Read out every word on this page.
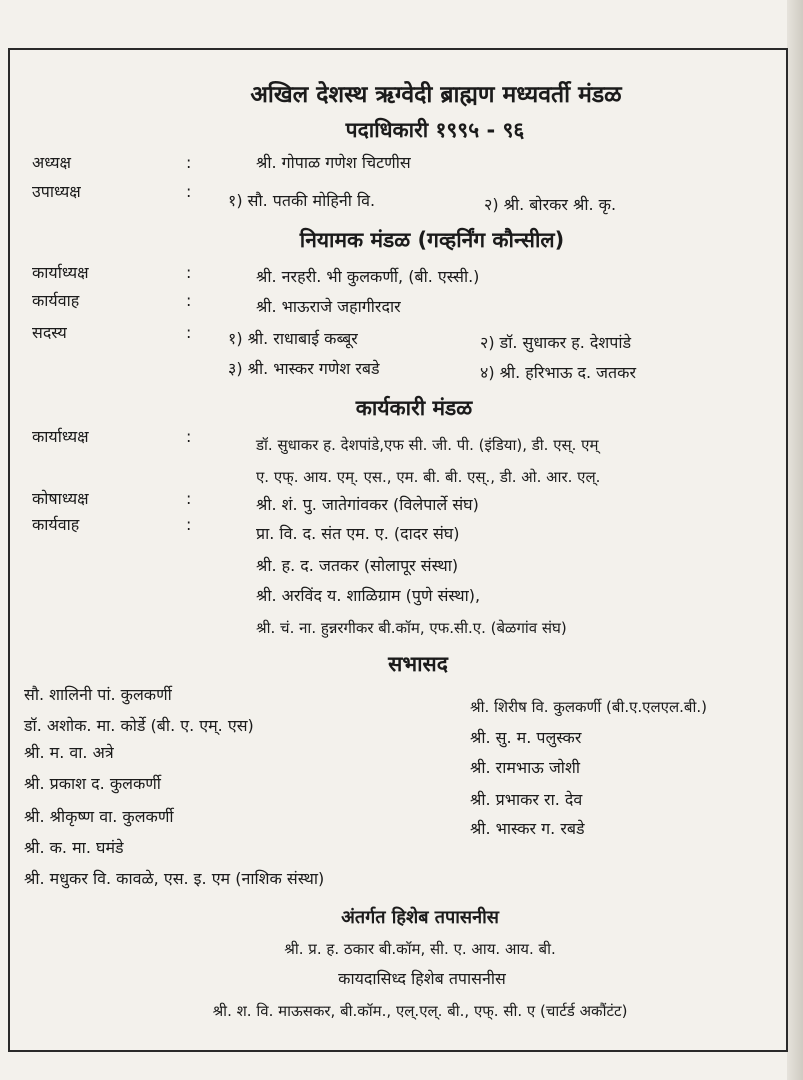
अखिल देशस्थ ऋग्वेदी ब्राह्मण मध्यवर्ती मंडळ
पदाधिकारी १९९५ - ९६
अध्यक्ष	:	श्री. गोपाळ गणेश चिटणीस
उपाध्यक्ष	: १) सौ. पतकी मोहिनी वि.	२) श्री. बोरकर श्री. कृ.
नियामक मंडळ (गव्हर्निंग कौन्सील)
कार्याध्यक्ष	:	श्री. नरहरी. भी कुलकर्णी, (बी. एस्सी.)
कार्यवाह	:	श्री. भाऊराजे जहागीरदार
सदस्य	: १) श्री. राधाबाई कब्बूर	२) डॉ. सुधाकर ह. देशपांडे
३) श्री. भास्कर गणेश रबडे	४) श्री. हरिभाऊ द. जतकर
कार्यकारी मंडळ
कार्याध्यक्ष	:	डॉ. सुधाकर ह. देशपांडे,एफ सी. जी. पी. (इंडिया), डी. एस्. एम्
ए. एफ्. आय. एम्. एस., एम. बी. बी. एस्., डी. ओ. आर. एल्.
कोषाध्यक्ष	:	श्री. शं. पु. जातेगांवकर (विलेपार्ले संघ)
कार्यवाह	:	प्रा. वि. द. संत एम. ए. (दादर संघ)
श्री. ह. द. जतकर (सोलापूर संस्था)
श्री. अरविंद य. शाळिग्राम (पुणे संस्था),
श्री. चं. ना. हुन्नरगीकर बी.कॉम, एफ.सी.ए. (बेळगांव संघ)
सभासद
सौ. शालिनी पां. कुलकर्णी
डॉ. अशोक. मा. कोर्डे (बी. ए. एम्. एस)
श्री. म. वा. अत्रे
श्री. प्रकाश द. कुलकर्णी
श्री. श्रीकृष्ण वा. कुलकर्णी
श्री. क. मा. घमंडे
श्री. मधुकर वि. कावळे, एस. इ. एम (नाशिक संस्था)
श्री. शिरीष वि. कुलकर्णी (बी.ए.एलएल.बी.)
श्री. सु. म. पलुस्कर
श्री. रामभाऊ जोशी
श्री. प्रभाकर रा. देव
श्री. भास्कर ग. रबडे
अंतर्गत हिशेब तपासनीस
श्री. प्र. ह. ठकार बी.कॉम, सी. ए. आय. आय. बी.
कायदासिध्द हिशेब तपासनीस
श्री. श. वि. माऊसकर, बी.कॉम., एल्.एल्. बी., एफ्. सी. ए (चार्टर्ड अकौंटंट)
